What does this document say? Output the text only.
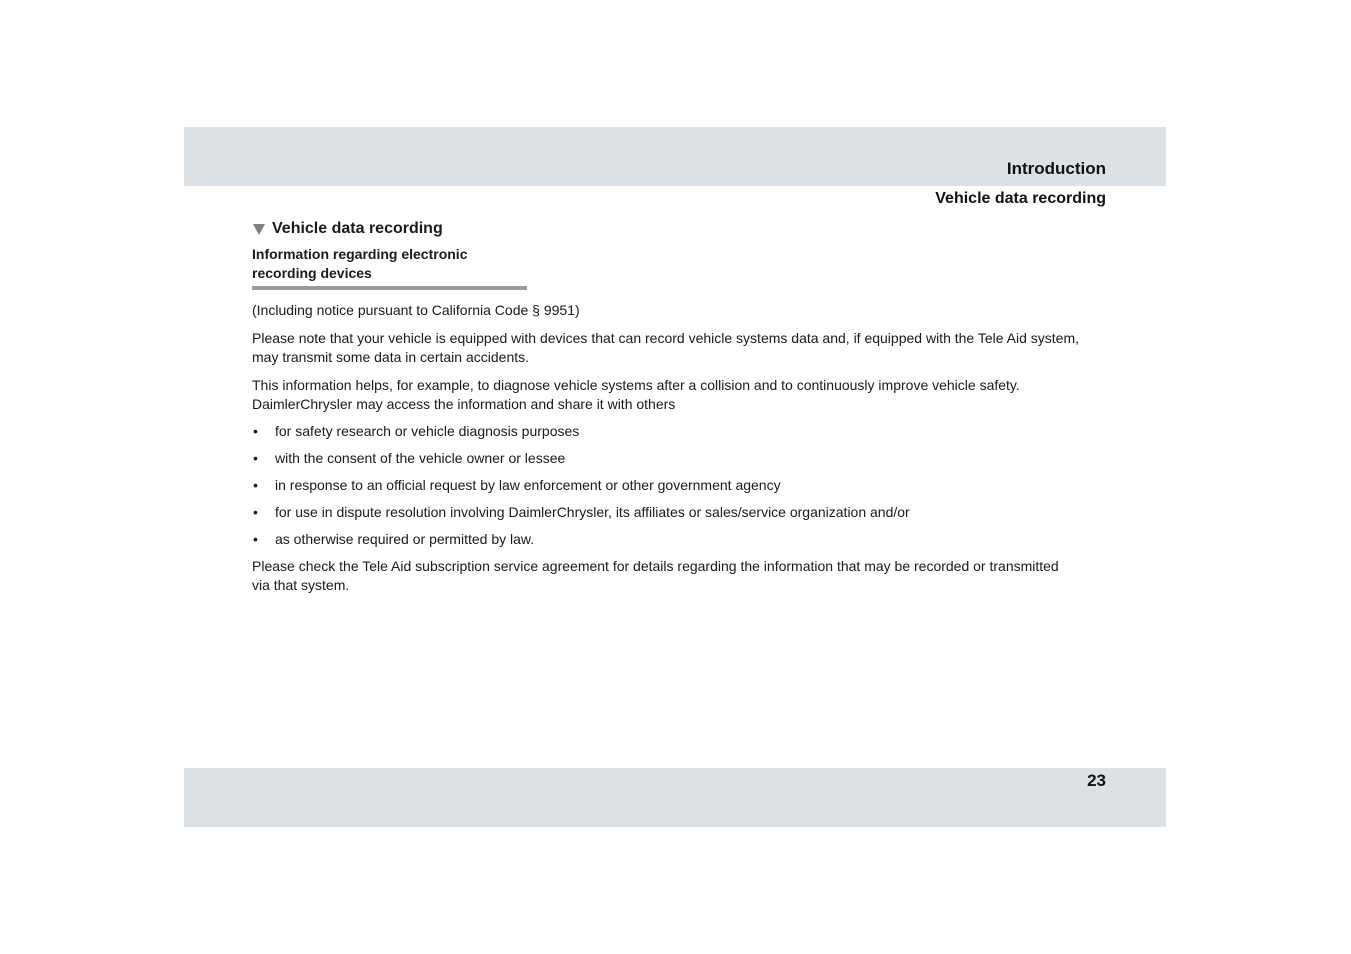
Introduction
Vehicle data recording
Vehicle data recording
Information regarding electronic
recording devices

(Including notice pursuant to California Code § 9951)

Please note that your vehicle is equipped with devices that can record vehicle systems data and, if equipped with the Tele Aid system,
may transmit some data in certain accidents.

This information helps, for example, to diagnose vehicle systems after a collision and to continuously improve vehicle safety.
DaimlerChrysler may access the information and share it with others

• for safety research or vehicle diagnosis purposes
• with the consent of the vehicle owner or lessee
• in response to an official request by law enforcement or other government agency
• for use in dispute resolution involving DaimlerChrysler, its affiliates or sales/service organization and/or
• as otherwise required or permitted by law.

Please check the Tele Aid subscription service agreement for details regarding the information that may be recorded or transmitted
via that system.

23
